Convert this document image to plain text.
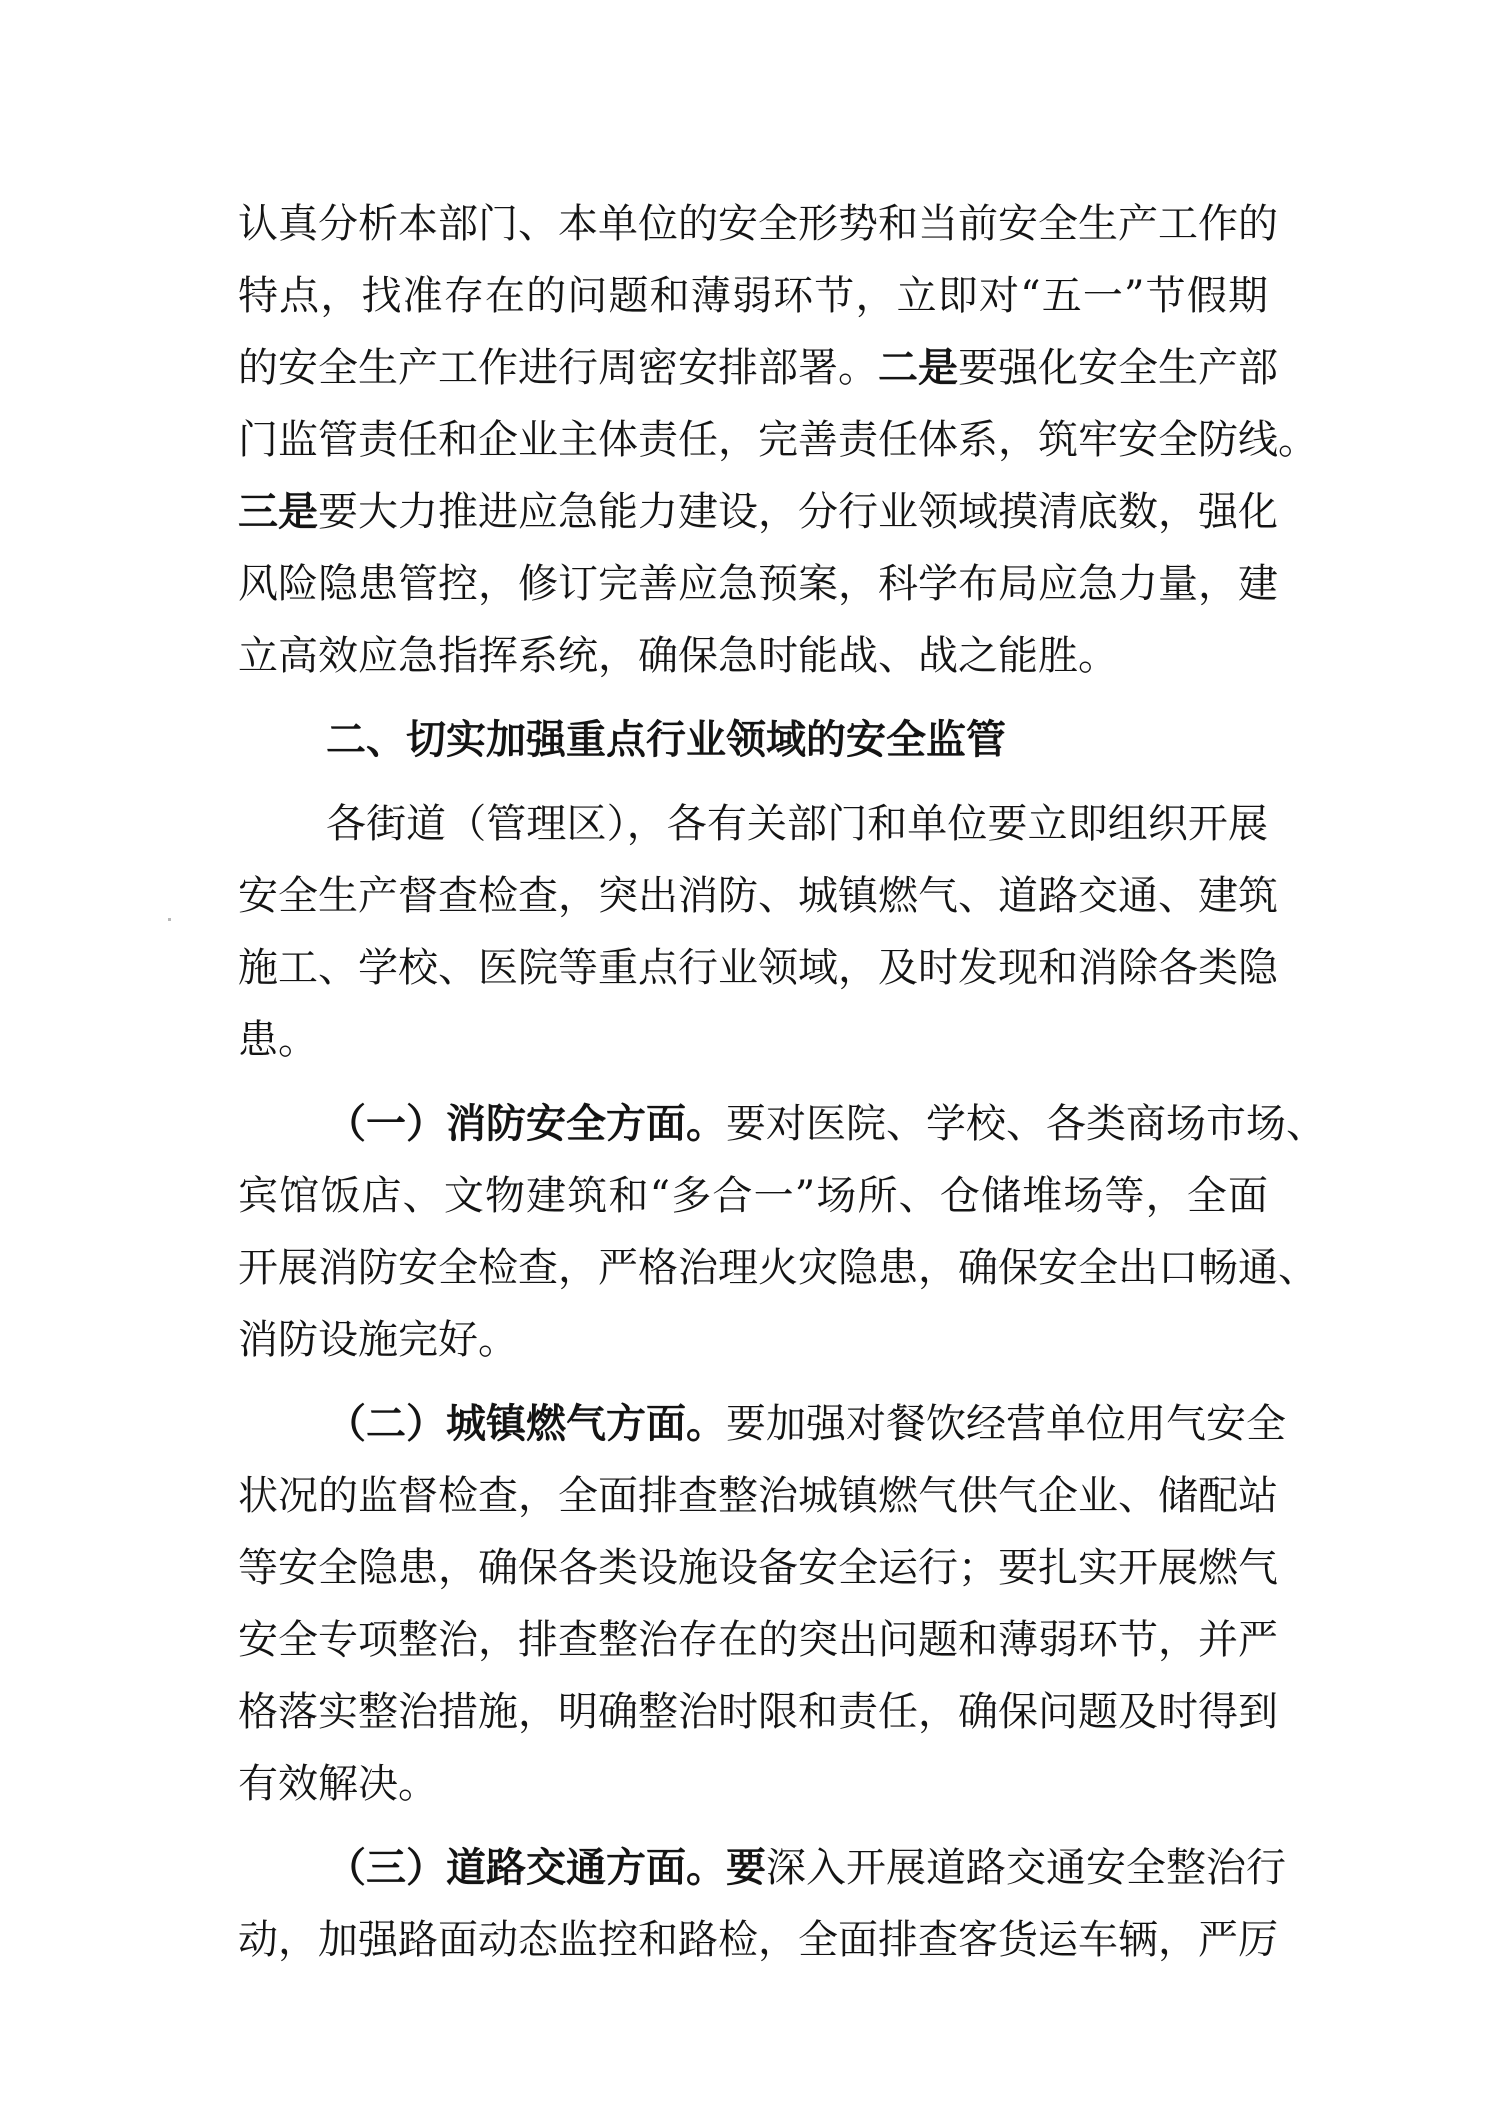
认真分析本部门、本单位的安全形势和当前安全生产工作的
特点，找准存在的问题和薄弱环节，立即对“五一”节假期
的安全生产工作进行周密安排部署。二是要强化安全生产部
门监管责任和企业主体责任，完善责任体系，筑牢安全防线。
三是要大力推进应急能力建设，分行业领域摸清底数，强化
风险隐患管控，修订完善应急预案，科学布局应急力量，建
立高效应急指挥系统，确保急时能战、战之能胜。
二、切实加强重点行业领域的安全监管
各街道（管理区），各有关部门和单位要立即组织开展
安全生产督查检查，突出消防、城镇燃气、道路交通、建筑
施工、学校、医院等重点行业领域，及时发现和消除各类隐
患。
（一）消防安全方面。要对医院、学校、各类商场市场、
宾馆饭店、文物建筑和“多合一”场所、仓储堆场等，全面
开展消防安全检查，严格治理火灾隐患，确保安全出口畅通、
消防设施完好。
（二）城镇燃气方面。要加强对餐饮经营单位用气安全
状况的监督检查，全面排查整治城镇燃气供气企业、储配站
等安全隐患，确保各类设施设备安全运行；要扎实开展燃气
安全专项整治，排查整治存在的突出问题和薄弱环节，并严
格落实整治措施，明确整治时限和责任，确保问题及时得到
有效解决。
（三）道路交通方面。要深入开展道路交通安全整治行
动，加强路面动态监控和路检，全面排查客货运车辆，严厉
